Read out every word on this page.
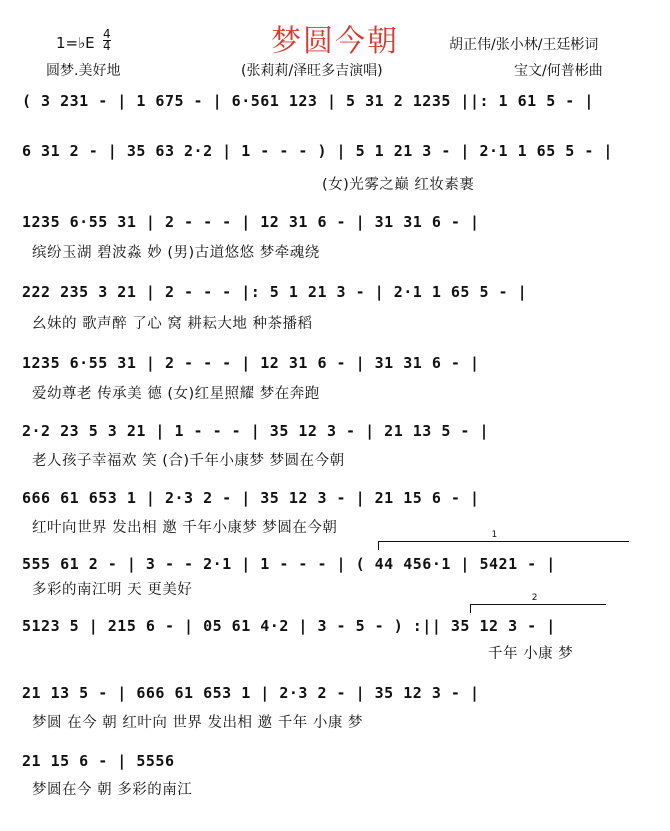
梦圆今朝
1=♭E 4
4
圆梦.美好地	(张莉莉/泽旺多吉演唱)
胡正伟/张小林/王廷彬词
宝文/何普彬曲
( 3 231 - | 1 675 - | 6·561 123 | 5 31 2 1235 ||: 1 61 5 - |
6 31 2 - | 35 63 2·2 | 1 - - - ) | 5 1 21 3 - | 2·1 1 65 5 - |
(女)光雾之巅 红妆素裹
1235 6·55 31 | 2 - - - | 12 31 6 - | 31 31 6 - |
缤纷玉湖 碧波淼 妙 (男)古道悠悠 梦牵魂绕
222 235 3 21 | 2 - - - |: 5 1 21 3 - | 2·1 1 65 5 - |
幺妹的 歌声醉 了心 窝 耕耘大地 种茶播稻
1235 6·55 31 | 2 - - - | 12 31 6 - | 31 31 6 - |
爱幼尊老 传承美 德 (女)红星照耀 梦在奔跑
2·2 23 5 3 21 | 1 - - - | 35 12 3 - | 21 13 5 - |
老人孩子幸福欢 笑 (合)千年小康梦 梦圆在今朝
666 61 653 1 | 2·3 2 - | 35 12 3 - | 21 15 6 - |
红叶向世界 发出相 邀 千年小康梦 梦圆在今朝	1
555 61 2 - | 3 - - 2·1 | 1 - - - | ( 44 456·1 | 5421 - |
多彩的南江明 天 更美好	2
5123 5 | 215 6 - | 05 61 4·2 | 3 - 5 - ) :|| 35 12 3 - |
千年 小康 梦
21 13 5 - | 666 61 653 1 | 2·3 2 - | 35 12 3 - |
梦圆 在今 朝 红叶向 世界 发出相 邀 千年 小康 梦
21 15 6 - | 5556
梦圆在今 朝 多彩的南江
